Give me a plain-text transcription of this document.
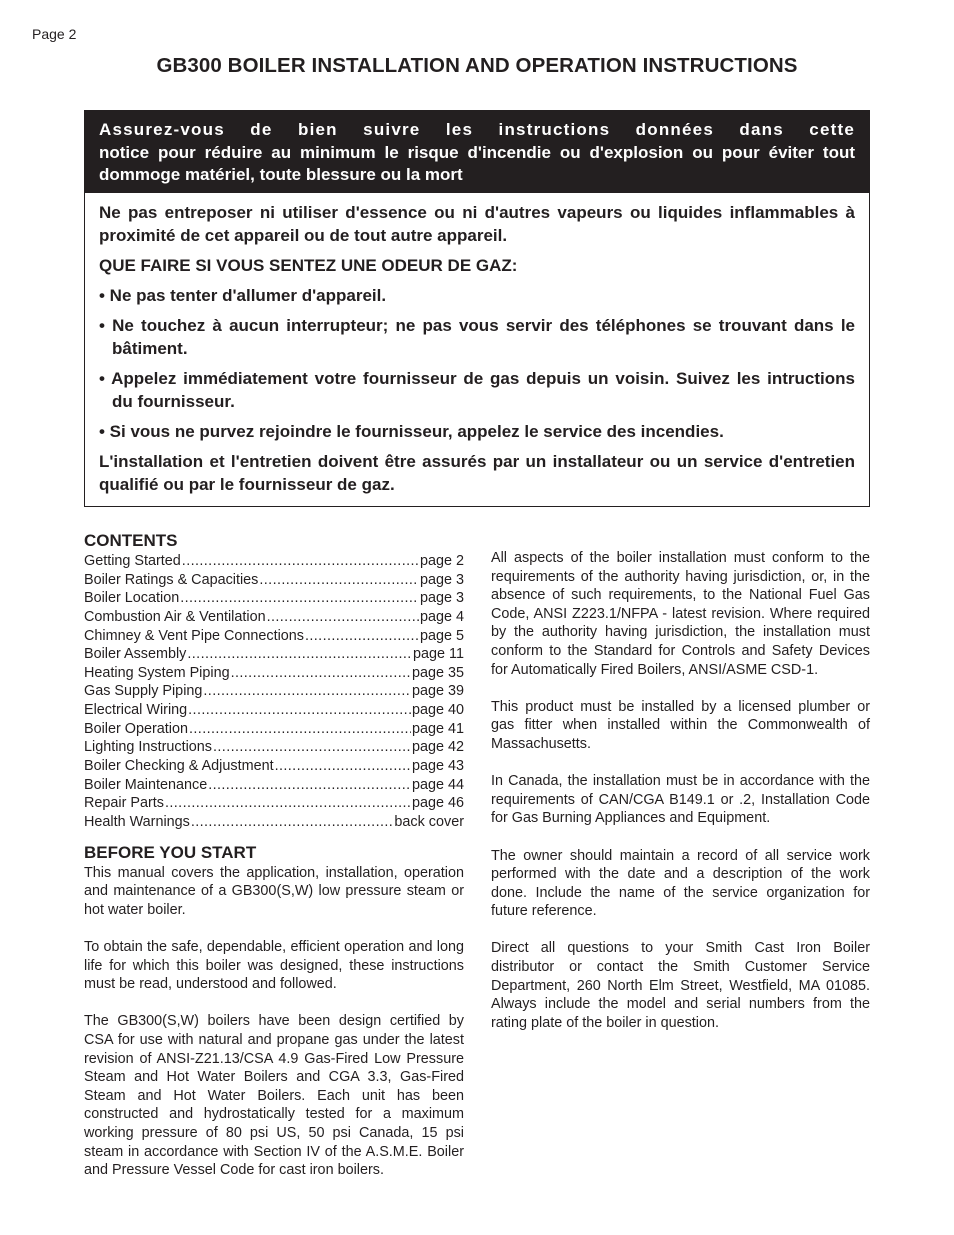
Page 2
GB300 BOILER INSTALLATION AND OPERATION INSTRUCTIONS
Assurez-vous de bien suivre les instructions données dans cette
notice pour réduire au minimum le risque d'incendie ou d'explosion ou pour éviter tout dommoge matériel, toute blessure ou la mort

Ne pas entreposer ni utiliser d'essence ou ni d'autres vapeurs ou liquides inflammables à proximité de cet appareil ou de tout autre appareil.

QUE FAIRE SI VOUS SENTEZ UNE ODEUR DE GAZ:

• Ne pas tenter d'allumer d'appareil.

• Ne touchez à aucun interrupteur; ne pas vous servir des téléphones se trouvant dans le bâtiment.

• Appelez immédiatement votre fournisseur de gas depuis un voisin. Suivez les intructions du fournisseur.

• Si vous ne purvez rejoindre le fournisseur, appelez le service des incendies.

L'installation et l'entretien doivent être assurés par un installateur ou un service d'entretien qualifié ou par le fournisseur de gaz.

CONTENTS
Getting Started .....	page 2
Boiler Ratings & Capacities .....	page 3
Boiler Location .....	page 3
Combustion Air & Ventilation .....	page 4
Chimney & Vent Pipe Connections .....	page 5
Boiler Assembly .....	page 11
Heating System Piping .....	page 35
Gas Supply Piping .....	page 39
Electrical Wiring .....	page 40
Boiler Operation .....	page 41
Lighting Instructions .....	page 42
Boiler Checking & Adjustment .....	page 43
Boiler Maintenance .....	page 44
Repair Parts .....	page 46
Health Warnings .....	back cover
BEFORE YOU START

This manual covers the application, installation, operation and maintenance of a GB300(S,W) low pressure steam or hot water boiler.

To obtain the safe, dependable, efficient operation and long life for which this boiler was designed, these instructions must be read, understood and followed.

The GB300(S,W) boilers have been design certified by CSA for use with natural and propane gas under the latest revision of ANSI-Z21.13/CSA 4.9 Gas-Fired Low Pressure Steam and Hot Water Boilers and CGA 3.3, Gas-Fired Steam and Hot Water Boilers. Each unit has been constructed and hydrostatically tested for a maximum working pressure of 80 psi US, 50 psi Canada, 15 psi steam in accordance with Section IV of the A.S.M.E. Boiler and Pressure Vessel Code for cast iron boilers.

All aspects of the boiler installation must conform to the requirements of the authority having jurisdiction, or, in the absence of such requirements, to the National Fuel Gas Code, ANSI Z223.1/NFPA - latest revision. Where required by the authority having jurisdiction, the installation must conform to the Standard for Controls and Safety Devices for Automatically Fired Boilers, ANSI/ASME CSD-1.

This product must be installed by a licensed plumber or gas fitter when installed within the Commonwealth of Massachusetts.

In Canada, the installation must be in accordance with the requirements of CAN/CGA B149.1 or .2, Installation Code for Gas Burning Appliances and Equipment.

The owner should maintain a record of all service work performed with the date and a description of the work done. Include the name of the service organization for future reference.

Direct all questions to your Smith Cast Iron Boiler distributor or contact the Smith Customer Service Department, 260 North Elm Street, Westfield, MA 01085. Always include the model and serial numbers from the rating plate of the boiler in question.
